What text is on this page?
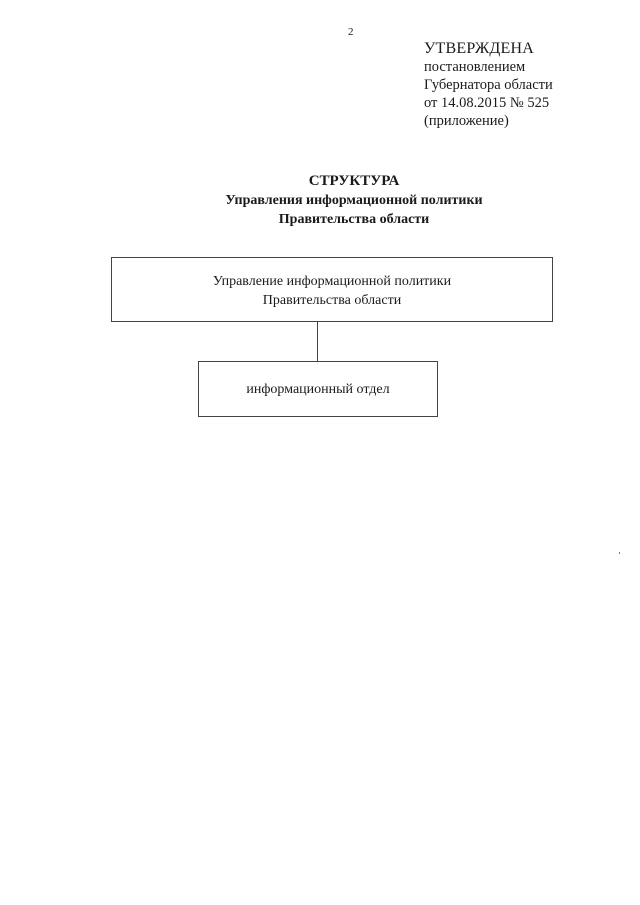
2
УТВЕРЖДЕНА
постановлением
Губернатора области
от 14.08.2015 № 525
(приложение)
СТРУКТУРА
Управления информационной политики
Правительства области
Управление информационной политики
Правительства области
информационный отдел
